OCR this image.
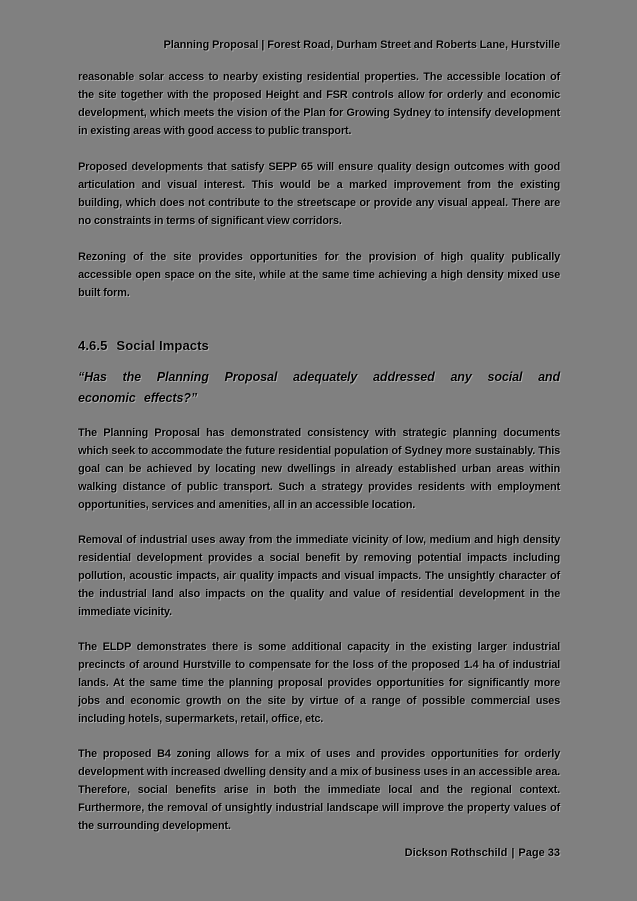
Planning Proposal | Forest Road, Durham Street and Roberts Lane, Hurstville

reasonable solar access to nearby existing residential properties. The accessible location of the site together with the proposed Height and FSR controls allow for orderly and economic development, which meets the vision of the Plan for Growing Sydney to intensify development in existing areas with good access to public transport.

Proposed developments that satisfy SEPP 65 will ensure quality design outcomes with good articulation and visual interest. This would be a marked improvement from the existing building, which does not contribute to the streetscape or provide any visual appeal. There are no constraints in terms of significant view corridors.

Rezoning of the site provides opportunities for the provision of high quality publically accessible open space on the site, while at the same time achieving a high density mixed use built form.

4.6.5 Social Impacts

“Has the Planning Proposal adequately addressed any social and economic effects?”

The Planning Proposal has demonstrated consistency with strategic planning documents which seek to accommodate the future residential population of Sydney more sustainably. This goal can be achieved by locating new dwellings in already established urban areas within walking distance of public transport. Such a strategy provides residents with employment opportunities, services and amenities, all in an accessible location.

Removal of industrial uses away from the immediate vicinity of low, medium and high density residential development provides a social benefit by removing potential impacts including pollution, acoustic impacts, air quality impacts and visual impacts. The unsightly character of the industrial land also impacts on the quality and value of residential development in the immediate vicinity.

The ELDP demonstrates there is some additional capacity in the existing larger industrial precincts of around Hurstville to compensate for the loss of the proposed 1.4 ha of industrial lands. At the same time the planning proposal provides opportunities for significantly more jobs and economic growth on the site by virtue of a range of possible commercial uses including hotels, supermarkets, retail, office, etc.

The proposed B4 zoning allows for a mix of uses and provides opportunities for orderly development with increased dwelling density and a mix of business uses in an accessible area. Therefore, social benefits arise in both the immediate local and the regional context. Furthermore, the removal of unsightly industrial landscape will improve the property values of the surrounding development.

Dickson Rothschild | Page 33
